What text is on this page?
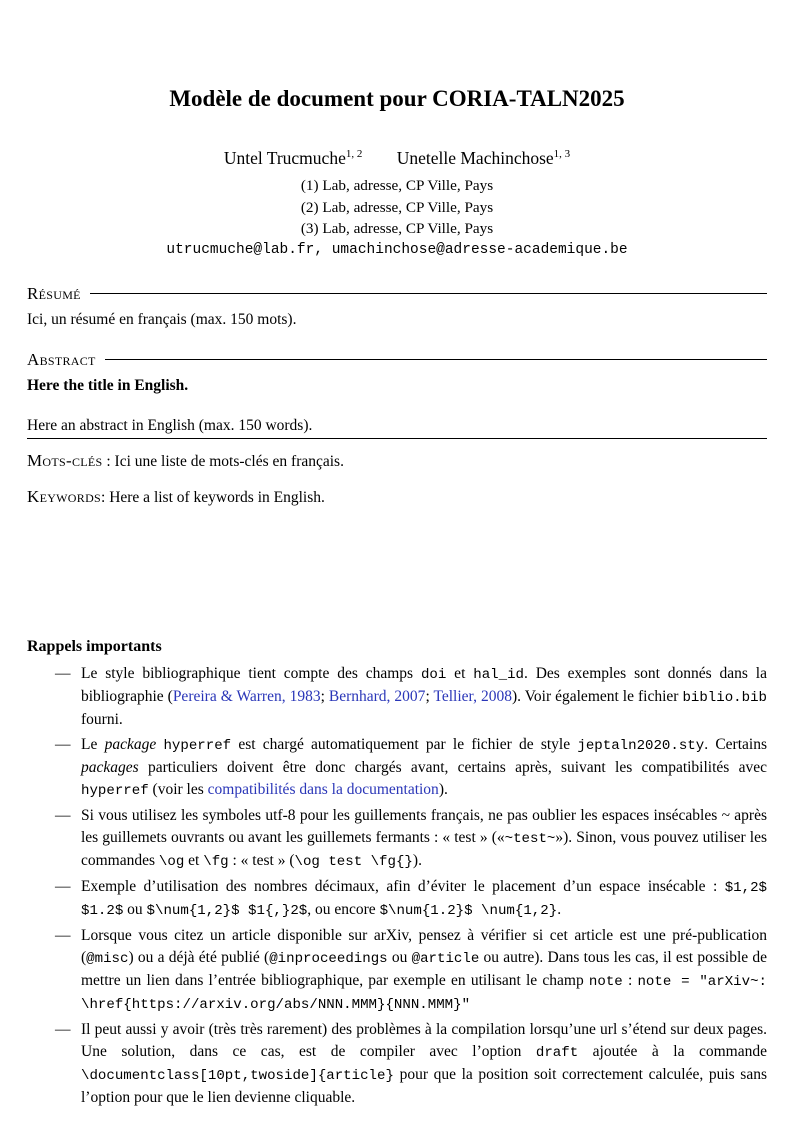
Modèle de document pour CORIA-TALN2025
Untel Trucmuche$^{1, 2}$ Unetelle Machinchose$^{1, 3}$
(1) Lab, adresse, CP Ville, Pays
(2) Lab, adresse, CP Ville, Pays
(3) Lab, adresse, CP Ville, Pays
utrucmuche@lab.fr, umachinchose@adresse-academique.be
Résumé

Ici, un résumé en français (max. 150 mots).

Abstract

Here the title in English.

Here an abstract in English (max. 150 words).

Mots-clés : Ici une liste de mots-clés en français.
Keywords: Here a list of keywords in English.
Rappels importants
— Le style bibliographique tient compte des champs doi et hal_id. Des exemples sont donnés dans la bibliographie (Pereira & Warren, 1983; Bernhard, 2007; Tellier, 2008). Voir également le fichier biblio.bib fourni.
— Le package hyperref est chargé automatiquement par le fichier de style jeptaln2020.sty. Certains packages particuliers doivent être donc chargés avant, certains après, suivant les compatibilités avec hyperref (voir les compatibilités dans la documentation).
— Si vous utilisez les symboles utf-8 pour les guillements français, ne pas oublier les espaces insécables ~ après les guillemets ouvrants ou avant les guillemets fermants : « test » («~test~»). Sinon, vous pouvez utiliser les commandes \og et \fg : « test » (\og test \fg{}).
— Exemple d’utilisation des nombres décimaux, afin d’éviter le placement d’un espace insécable : $1,2$ $1.2$ ou $\num{1,2}$ $1{,}2$, ou encore $\num{1.2}$ \num{1,2}.
— Lorsque vous citez un article disponible sur arXiv, pensez à vérifier si cet article est une pré-publication (@misc) ou a déjà été publié (@inproceedings ou @article ou autre). Dans tous les cas, il est possible de mettre un lien dans l’entrée bibliographique, par exemple en utilisant le champ note : note = "arXiv~: \href{https://arxiv.org/abs/NNN.MMM}{NNN.MMM}"
— Il peut aussi y avoir (très très rarement) des problèmes à la compilation lorsqu’une url s’étend sur deux pages. Une solution, dans ce cas, est de compiler avec l’option draft ajoutée à la commande \documentclass[10pt,twoside]{article} pour que la position soit correctement calculée, puis sans l’option pour que le lien devienne cliquable.
